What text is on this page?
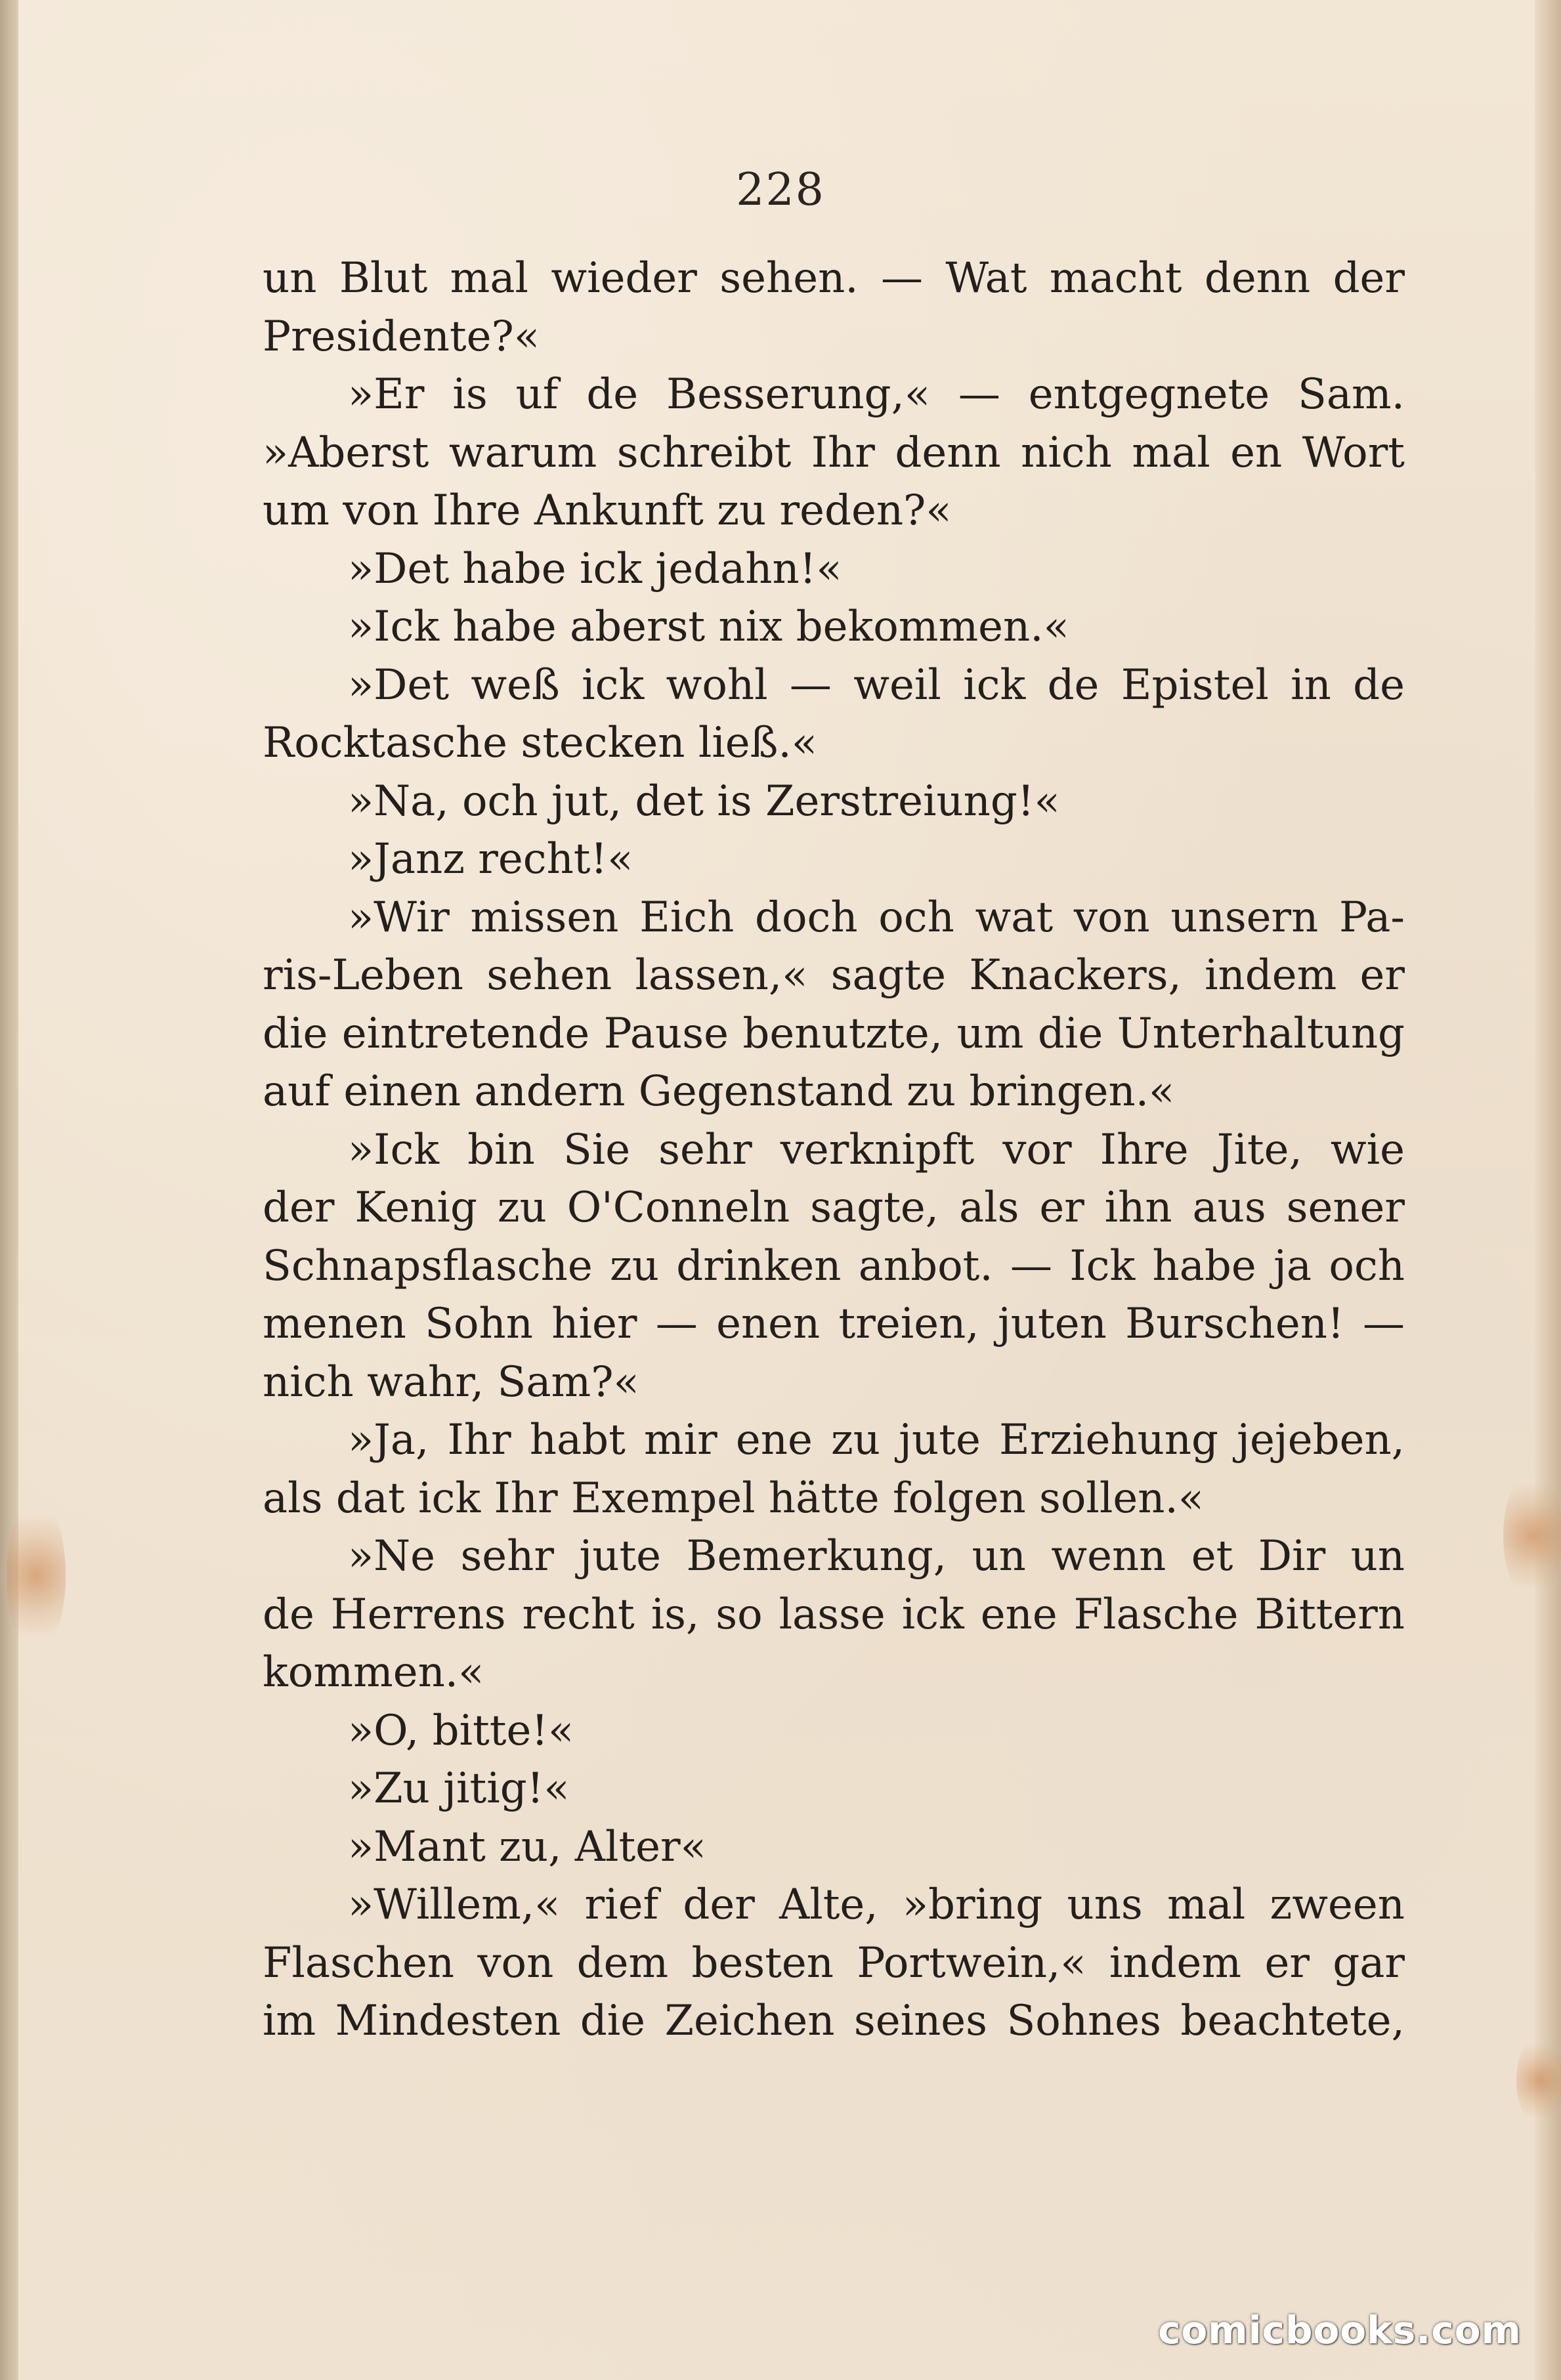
228
un Blut mal wieder sehen. — Wat macht denn der
Presidente?«
»Er is uf de Besserung,« — entgegnete Sam.
»Aberst warum schreibt Ihr denn nich mal en Wort
um von Ihre Ankunft zu reden?«
»Det habe ick jedahn!«
»Ick habe aberst nix bekommen.«
»Det weß ick wohl — weil ick de Epistel in de
Rocktasche stecken ließ.«
»Na, och jut, det is Zerstreiung!«
»Janz recht!«
»Wir missen Eich doch och wat von unsern Pa-
ris-Leben sehen lassen,« sagte Knackers, indem er
die eintretende Pause benutzte, um die Unterhaltung
auf einen andern Gegenstand zu bringen.«
»Ick bin Sie sehr verknipft vor Ihre Jite, wie
der Kenig zu O'Conneln sagte, als er ihn aus sener
Schnapsflasche zu drinken anbot. — Ick habe ja och
menen Sohn hier — enen treien, juten Burschen! —
nich wahr, Sam?«
»Ja, Ihr habt mir ene zu jute Erziehung jejeben,
als dat ick Ihr Exempel hätte folgen sollen.«
»Ne sehr jute Bemerkung, un wenn et Dir un
de Herrens recht is, so lasse ick ene Flasche Bittern
kommen.«
»O, bitte!«
»Zu jitig!«
»Mant zu, Alter«
»Willem,« rief der Alte, »bring uns mal zween
Flaschen von dem besten Portwein,« indem er gar
im Mindesten die Zeichen seines Sohnes beachtete,
comicbooks.com
